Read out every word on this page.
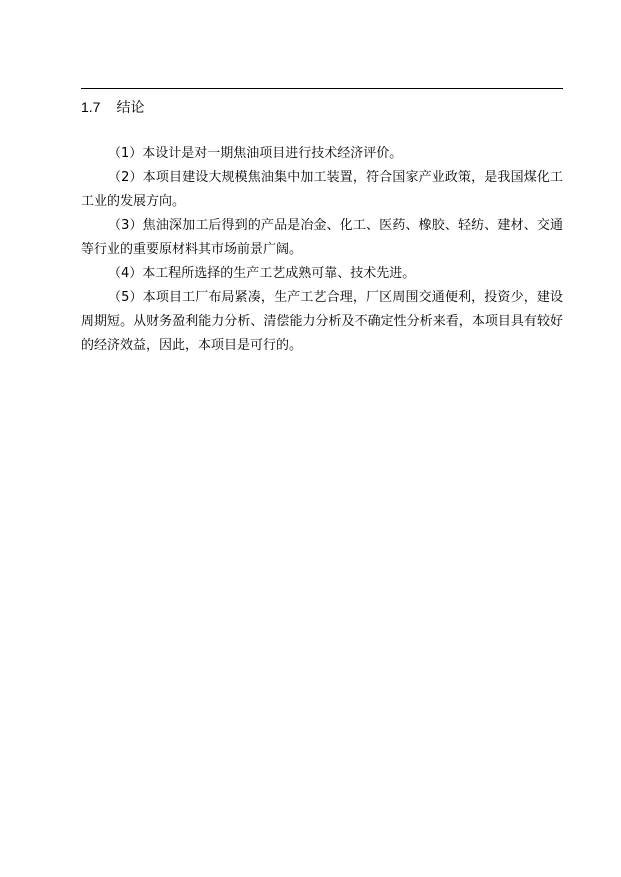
1.7 结论

（1）本设计是对一期焦油项目进行技术经济评价。

（2）本项目建设大规模焦油集中加工装置，符合国家产业政策，是我国煤化工工业的发展方向。

（3）焦油深加工后得到的产品是冶金、化工、医药、橡胶、轻纺、建材、交通等行业的重要原材料其市场前景广阔。

（4）本工程所选择的生产工艺成熟可靠、技术先进。

（5）本项目工厂布局紧凑，生产工艺合理，厂区周围交通便利，投资少，建设周期短。从财务盈利能力分析、清偿能力分析及不确定性分析来看，本项目具有较好的经济效益，因此，本项目是可行的。
